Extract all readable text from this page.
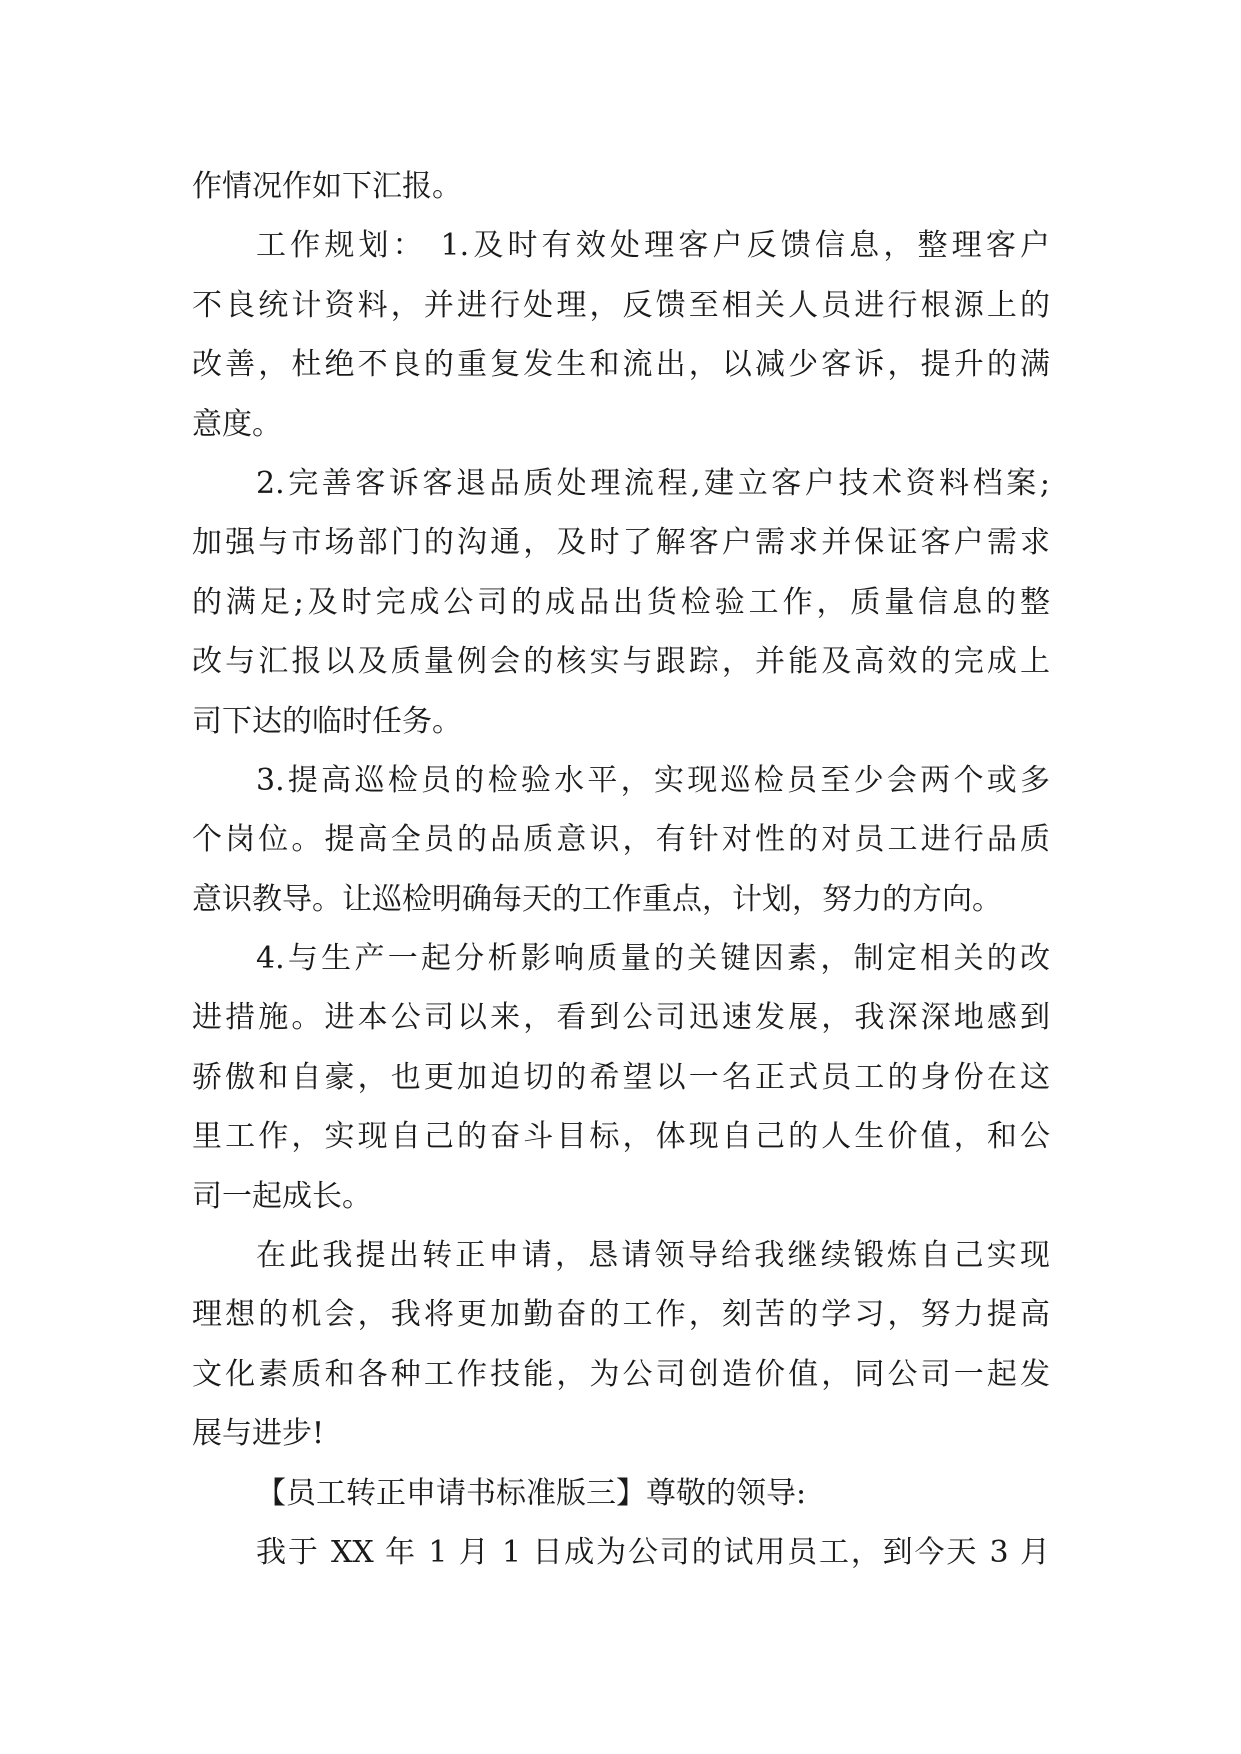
作情况作如下汇报。
工作规划： 1.及时有效处理客户反馈信息，整理客户
不良统计资料，并进行处理，反馈至相关人员进行根源上的
改善，杜绝不良的重复发生和流出，以减少客诉，提升的满
意度。
2.完善客诉客退品质处理流程,建立客户技术资料档案;
加强与市场部门的沟通，及时了解客户需求并保证客户需求
的满足;及时完成公司的成品出货检验工作，质量信息的整
改与汇报以及质量例会的核实与跟踪，并能及高效的完成上
司下达的临时任务。
3.提高巡检员的检验水平，实现巡检员至少会两个或多
个岗位。提高全员的品质意识，有针对性的对员工进行品质
意识教导。让巡检明确每天的工作重点，计划，努力的方向。
4.与生产一起分析影响质量的关键因素，制定相关的改
进措施。进本公司以来，看到公司迅速发展，我深深地感到
骄傲和自豪，也更加迫切的希望以一名正式员工的身份在这
里工作，实现自己的奋斗目标，体现自己的人生价值，和公
司一起成长。
在此我提出转正申请，恳请领导给我继续锻炼自己实现
理想的机会，我将更加勤奋的工作，刻苦的学习，努力提高
文化素质和各种工作技能，为公司创造价值，同公司一起发
展与进步!
【员工转正申请书标准版三】尊敬的领导:
我于 XX 年 1 月 1 日成为公司的试用员工，到今天 3 月
